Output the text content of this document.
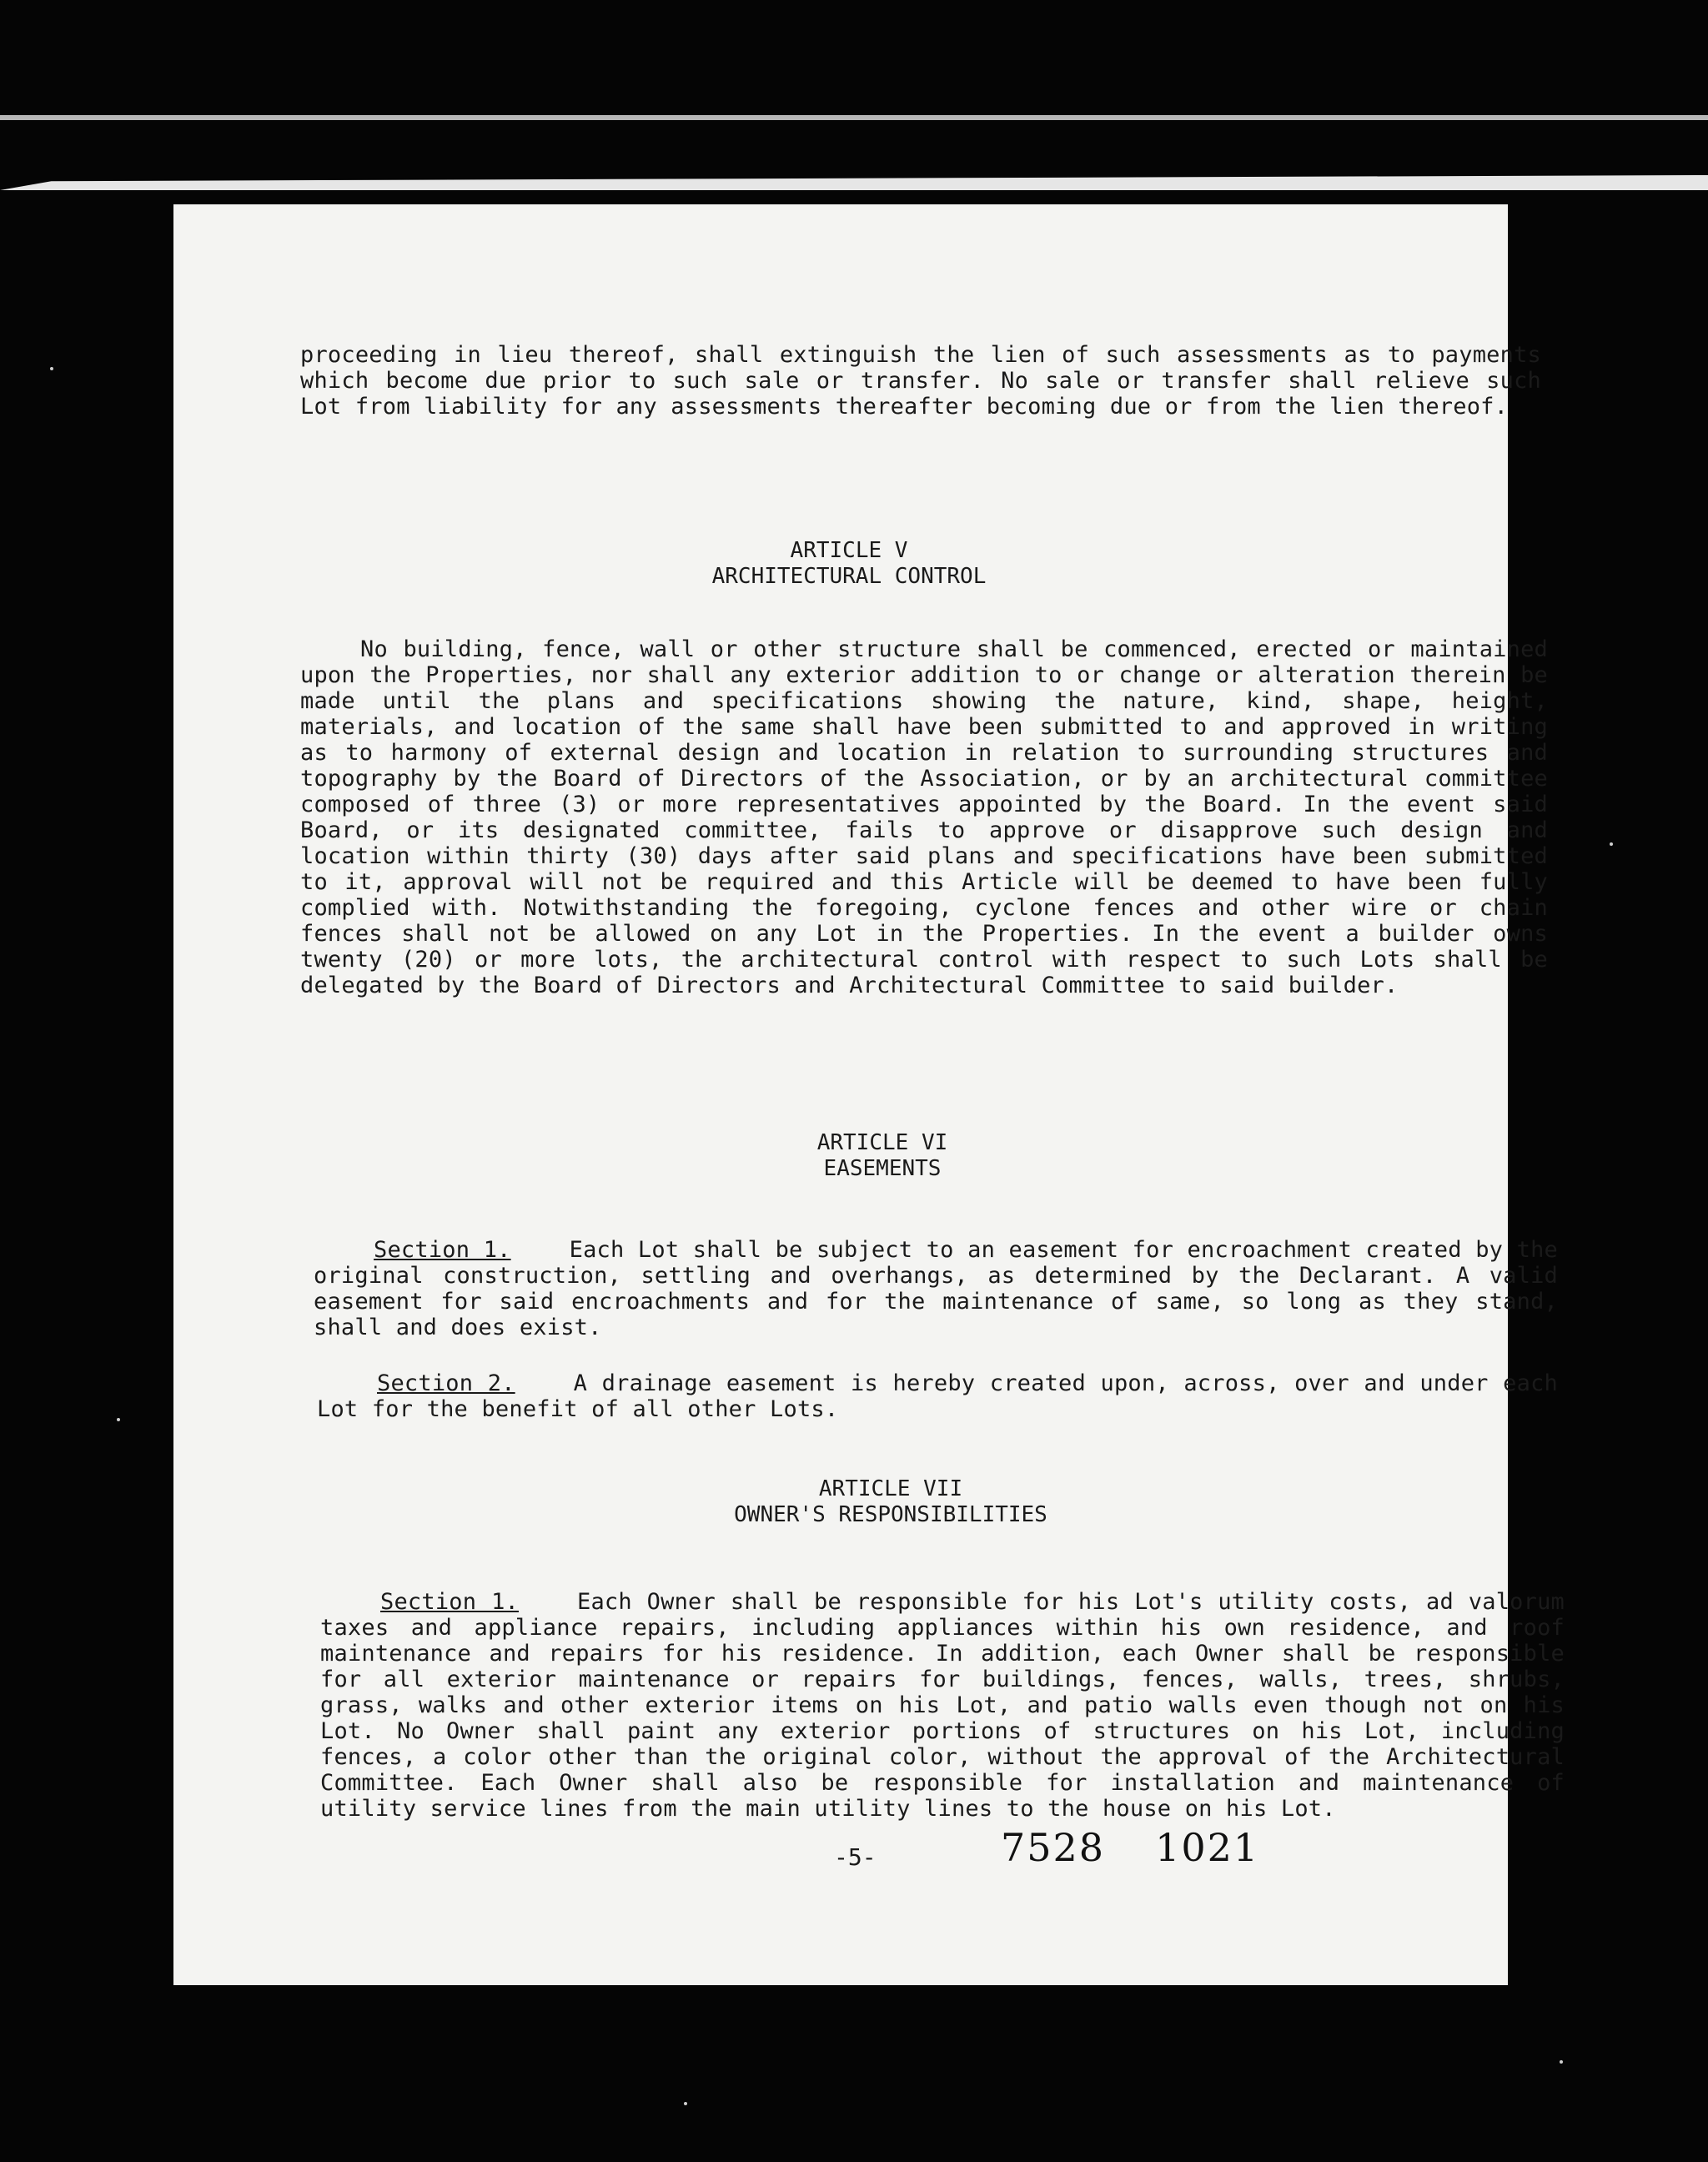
proceeding in lieu thereof, shall extinguish the lien of such assessments as to payments which become due prior to such sale or transfer. No sale or transfer shall relieve such Lot from liability for any assessments thereafter becoming due or from the lien thereof.

ARTICLE V
ARCHITECTURAL CONTROL

No building, fence, wall or other structure shall be commenced, erected or maintained upon the Properties, nor shall any exterior addition to or change or alteration therein be made until the plans and specifications showing the nature, kind, shape, height, materials, and location of the same shall have been submitted to and approved in writing as to harmony of external design and location in relation to surrounding structures and topography by the Board of Directors of the Association, or by an architectural committee composed of three (3) or more representatives appointed by the Board. In the event said Board, or its designated committee, fails to approve or disapprove such design and location within thirty (30) days after said plans and specifications have been submitted to it, approval will not be required and this Article will be deemed to have been fully complied with. Notwithstanding the foregoing, cyclone fences and other wire or chain fences shall not be allowed on any Lot in the Properties. In the event a builder owns twenty (20) or more lots, the architectural control with respect to such Lots shall be delegated by the Board of Directors and Architectural Committee to said builder.

ARTICLE VI
EASEMENTS

Section 1.	Each Lot shall be subject to an easement for encroachment created by the original construction, settling and overhangs, as determined by the Declarant. A valid easement for said encroachments and for the maintenance of same, so long as they stand, shall and does exist.

Section 2.	A drainage easement is hereby created upon, across, over and under each Lot for the benefit of all other Lots.

ARTICLE VII
OWNER'S RESPONSIBILITIES

Section 1.	Each Owner shall be responsible for his Lot's utility costs, ad valorum taxes and appliance repairs, including appliances within his own residence, and roof maintenance and repairs for his residence. In addition, each Owner shall be responsible for all exterior maintenance or repairs for buildings, fences, walls, trees, shrubs, grass, walks and other exterior items on his Lot, and patio walls even though not on his Lot. No Owner shall paint any exterior portions of structures on his Lot, including fences, a color other than the original color, without the approval of the Architectural Committee. Each Owner shall also be responsible for installation and maintenance of utility service lines from the main utility lines to the house on his Lot.

-5-	7528 1021
